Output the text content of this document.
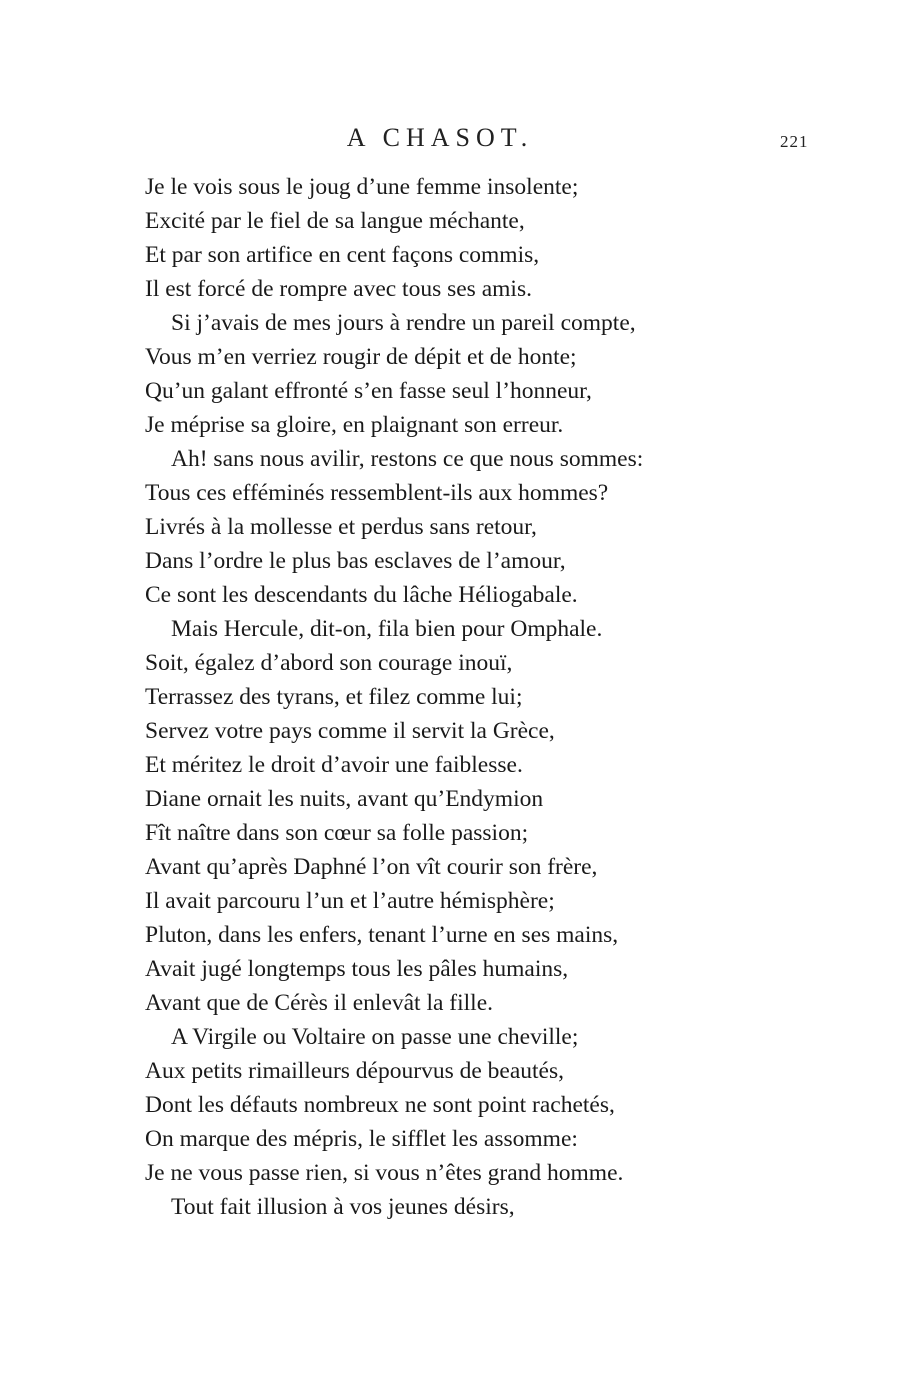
A CHASOT.	221
Je le vois sous le joug d’une femme insolente;
Excité par le fiel de sa langue méchante,
Et par son artifice en cent façons commis,
Il est forcé de rompre avec tous ses amis.
Si j’avais de mes jours à rendre un pareil compte,
Vous m’en verriez rougir de dépit et de honte;
Qu’un galant effronté s’en fasse seul l’honneur,
Je méprise sa gloire, en plaignant son erreur.
Ah! sans nous avilir, restons ce que nous sommes:
Tous ces efféminés ressemblent-ils aux hommes?
Livrés à la mollesse et perdus sans retour,
Dans l’ordre le plus bas esclaves de l’amour,
Ce sont les descendants du lâche Héliogabale.
Mais Hercule, dit-on, fila bien pour Omphale.
Soit, égalez d’abord son courage inouï,
Terrassez des tyrans, et filez comme lui;
Servez votre pays comme il servit la Grèce,
Et méritez le droit d’avoir une faiblesse.
Diane ornait les nuits, avant qu’Endymion
Fît naître dans son cœur sa folle passion;
Avant qu’après Daphné l’on vît courir son frère,
Il avait parcouru l’un et l’autre hémisphère;
Pluton, dans les enfers, tenant l’urne en ses mains,
Avait jugé longtemps tous les pâles humains,
Avant que de Cérès il enlevât la fille.
A Virgile ou Voltaire on passe une cheville;
Aux petits rimailleurs dépourvus de beautés,
Dont les défauts nombreux ne sont point rachetés,
On marque des mépris, le sifflet les assomme:
Je ne vous passe rien, si vous n’êtes grand homme.
Tout fait illusion à vos jeunes désirs,
